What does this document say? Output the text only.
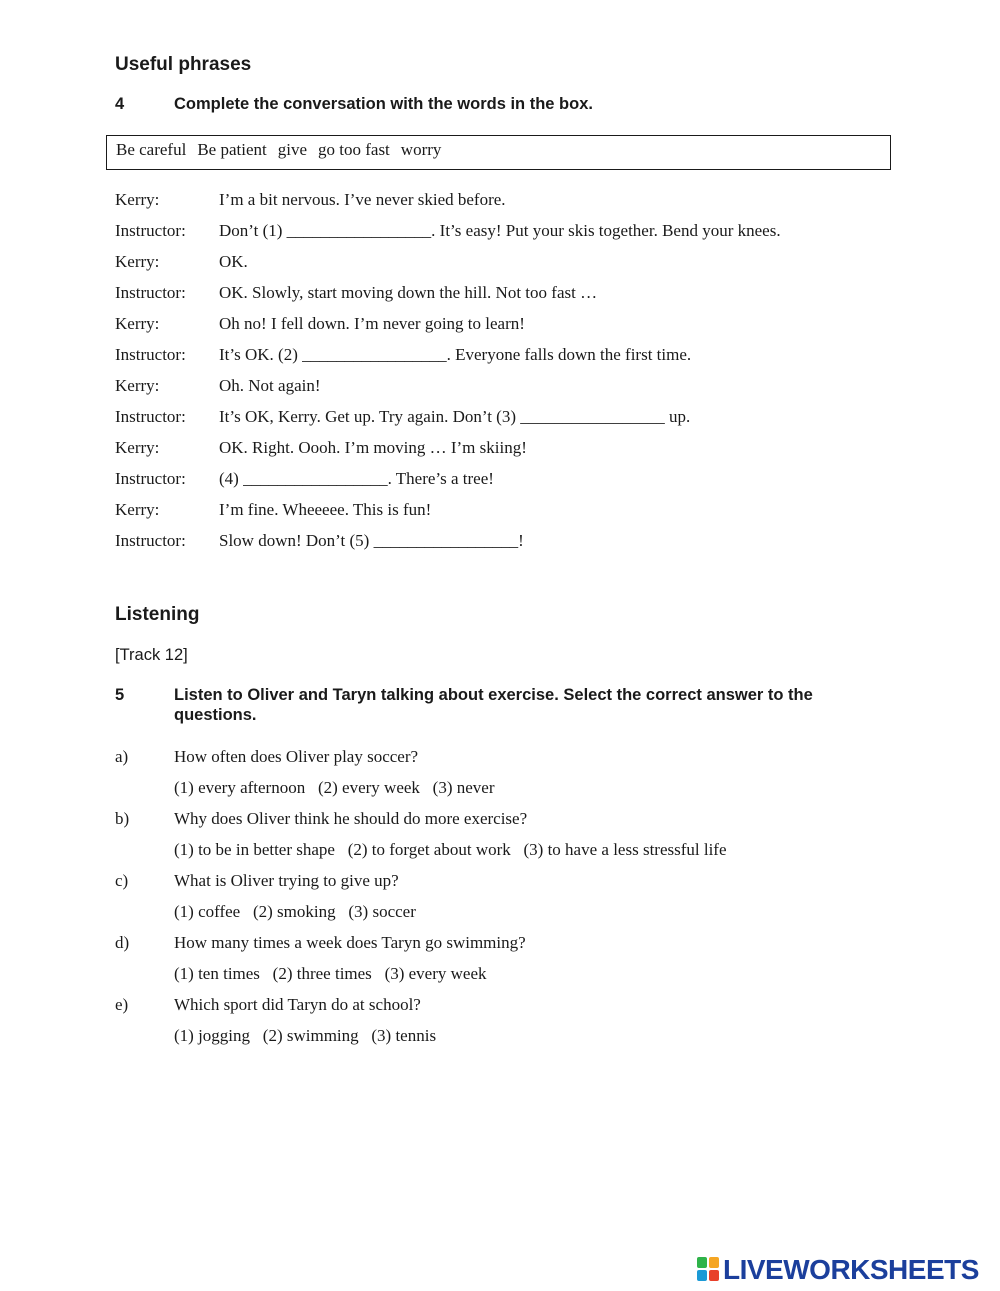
Useful phrases
4	Complete the conversation with the words in the box.
Be careful Be patient give go too fast worry
Kerry:	I’m a bit nervous. I’ve never skied before.
Instructor: Don’t (1) _________________. It’s easy! Put your skis together. Bend your knees.
Kerry:	OK.
Instructor: OK. Slowly, start moving down the hill. Not too fast …
Kerry:	Oh no! I fell down. I’m never going to learn!
Instructor: It’s OK. (2) _________________. Everyone falls down the first time.
Kerry:	Oh. Not again!
Instructor: It’s OK, Kerry. Get up. Try again. Don’t (3) _________________ up.
Kerry:	OK. Right. Oooh. I’m moving … I’m skiing!
Instructor: (4) _________________. There’s a tree!
Kerry:	I’m fine. Wheeeee. This is fun!
Instructor: Slow down! Don’t (5) _________________!
Listening
[Track 12]
5	Listen to Oliver and Taryn talking about exercise. Select the correct answer to the
questions.
a)	How often does Oliver play soccer?
(1) every afternoon (2) every week (3) never
b)	Why does Oliver think he should do more exercise?
(1) to be in better shape (2) to forget about work (3) to have a less stressful life
c)	What is Oliver trying to give up?
(1) coffee (2) smoking (3) soccer
d)	How many times a week does Taryn go swimming?
(1) ten times (2) three times (3) every week
e)	Which sport did Taryn do at school?
(1) jogging (2) swimming (3) tennis
LIVEWORKSHEETS
